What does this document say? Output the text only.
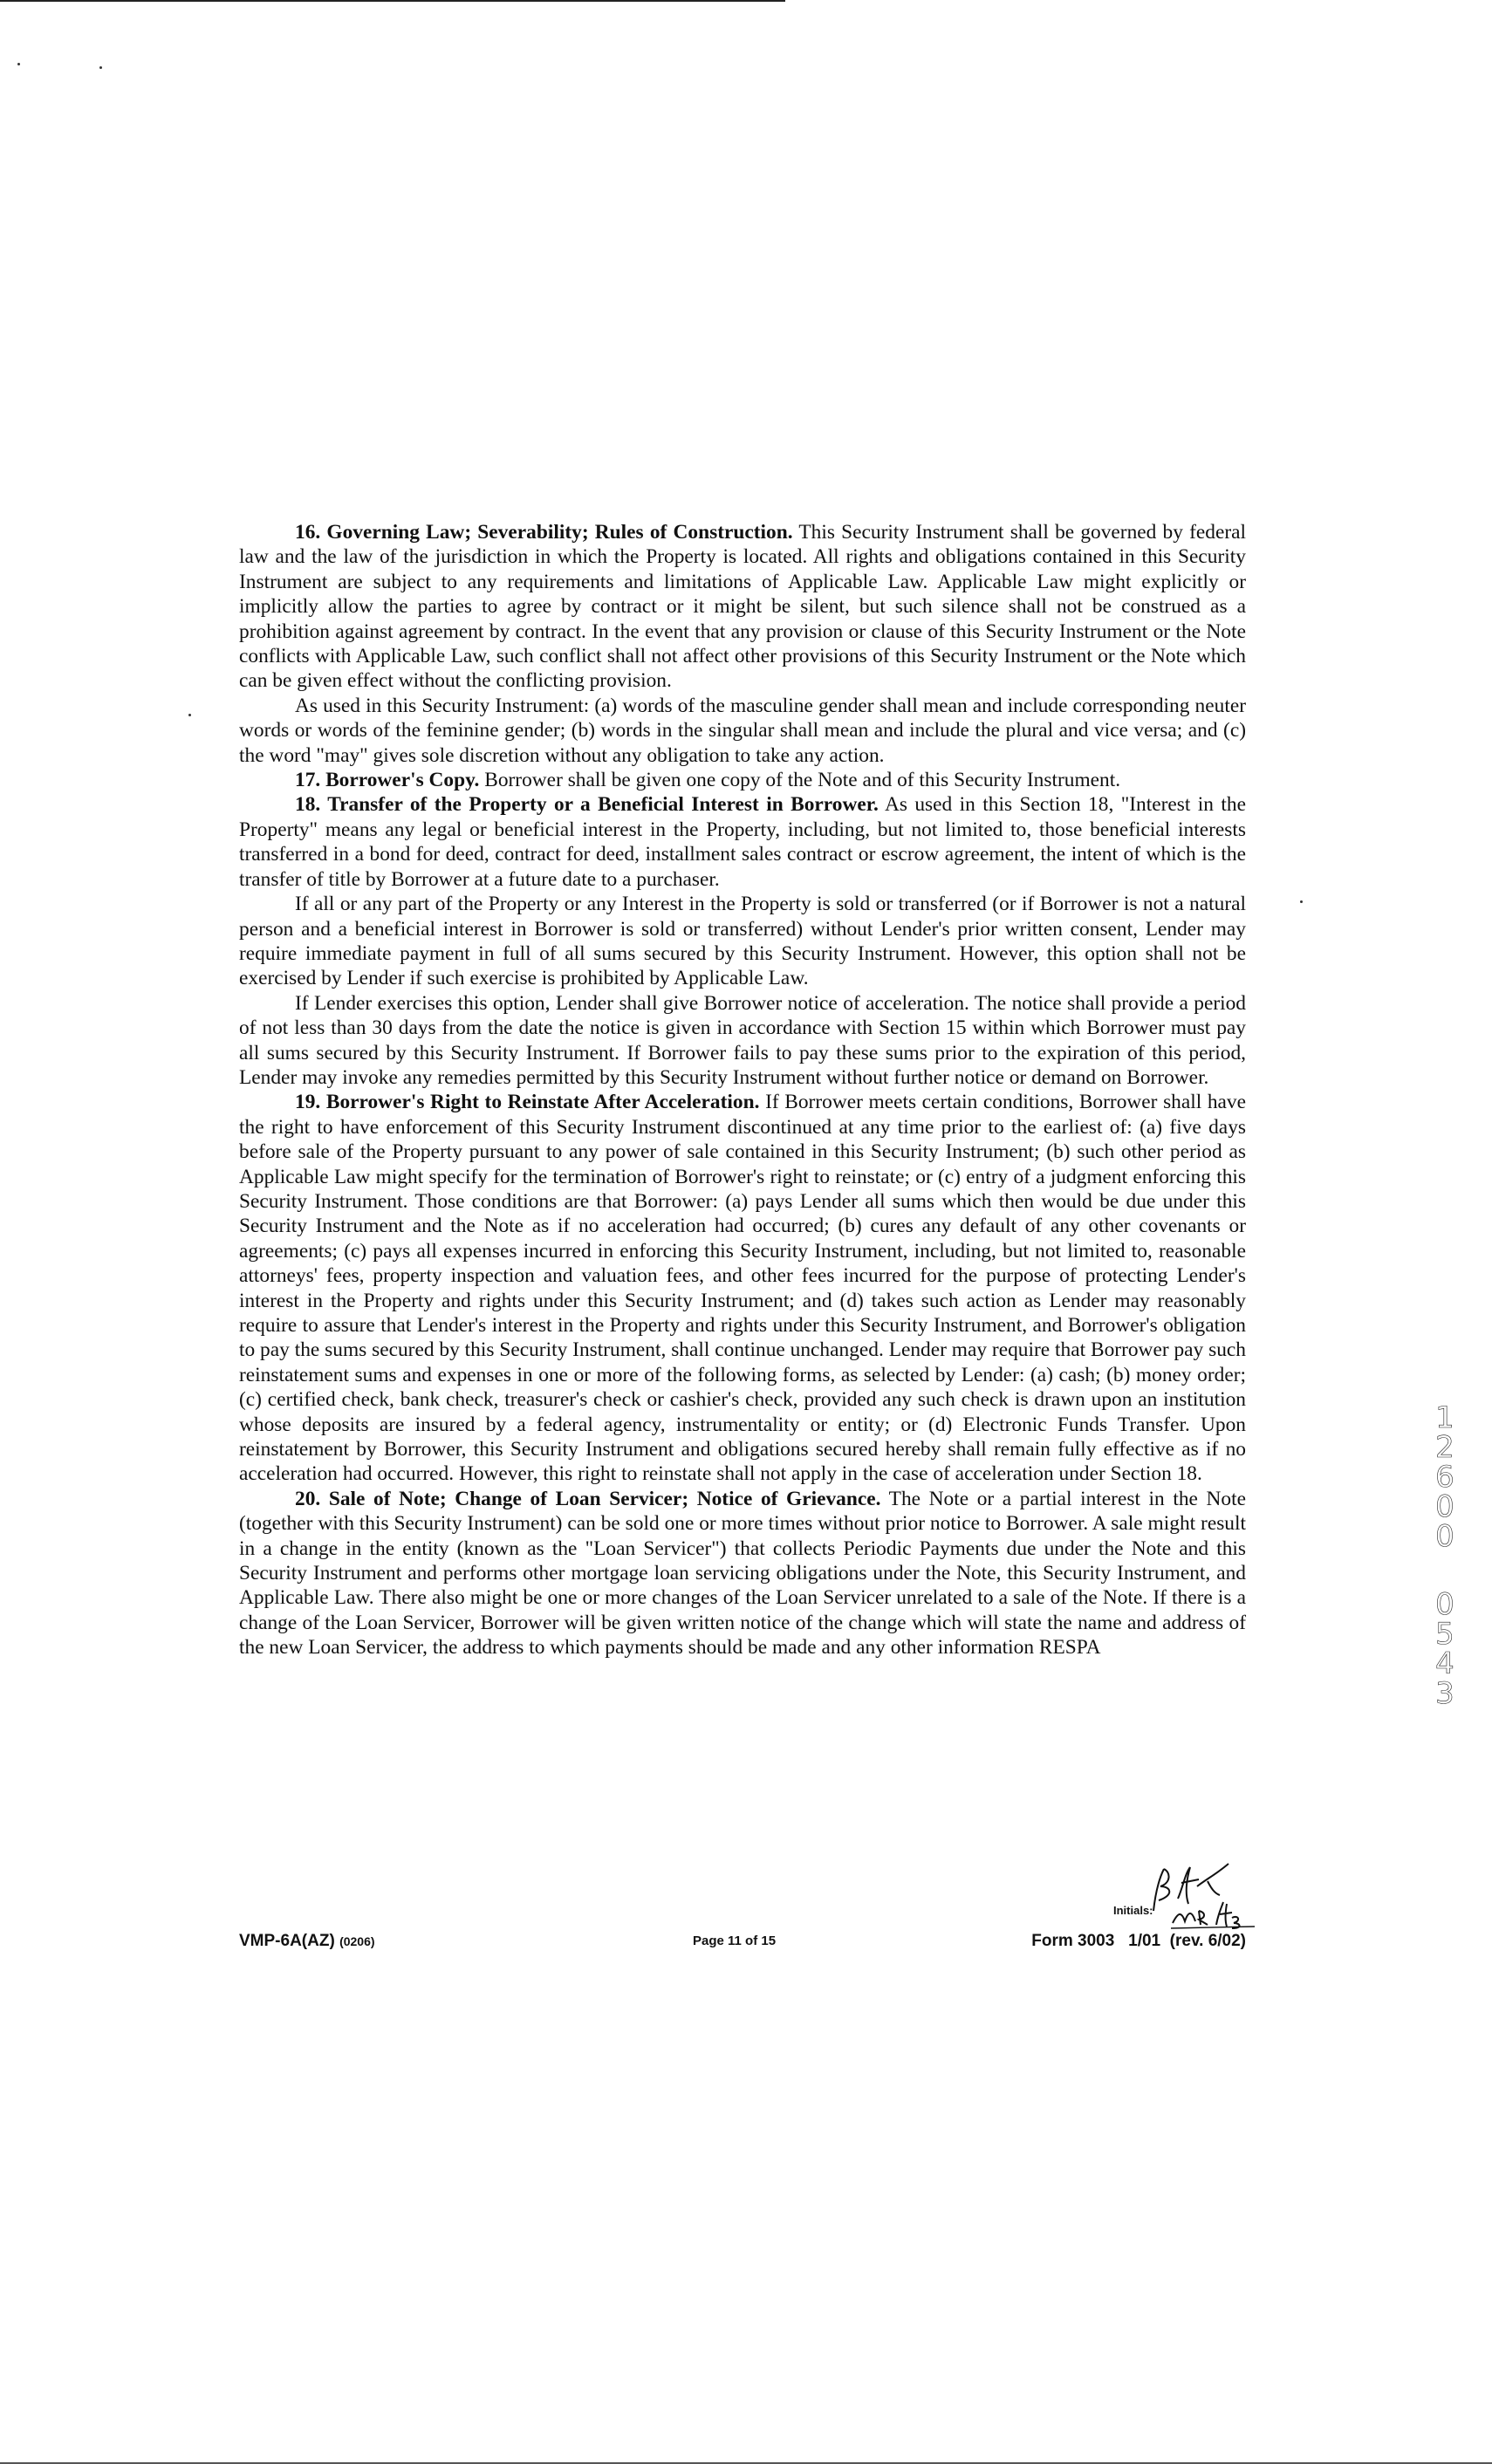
16. Governing Law; Severability; Rules of Construction. This Security Instrument shall be governed by federal law and the law of the jurisdiction in which the Property is located. All rights and obligations contained in this Security Instrument are subject to any requirements and limitations of Applicable Law. Applicable Law might explicitly or implicitly allow the parties to agree by contract or it might be silent, but such silence shall not be construed as a prohibition against agreement by contract. In the event that any provision or clause of this Security Instrument or the Note conflicts with Applicable Law, such conflict shall not affect other provisions of this Security Instrument or the Note which can be given effect without the conflicting provision.

As used in this Security Instrument: (a) words of the masculine gender shall mean and include corresponding neuter words or words of the feminine gender; (b) words in the singular shall mean and include the plural and vice versa; and (c) the word "may" gives sole discretion without any obligation to take any action.

17. Borrower's Copy. Borrower shall be given one copy of the Note and of this Security Instrument.

18. Transfer of the Property or a Beneficial Interest in Borrower. As used in this Section 18, "Interest in the Property" means any legal or beneficial interest in the Property, including, but not limited to, those beneficial interests transferred in a bond for deed, contract for deed, installment sales contract or escrow agreement, the intent of which is the transfer of title by Borrower at a future date to a purchaser.

If all or any part of the Property or any Interest in the Property is sold or transferred (or if Borrower is not a natural person and a beneficial interest in Borrower is sold or transferred) without Lender's prior written consent, Lender may require immediate payment in full of all sums secured by this Security Instrument. However, this option shall not be exercised by Lender if such exercise is prohibited by Applicable Law.

If Lender exercises this option, Lender shall give Borrower notice of acceleration. The notice shall provide a period of not less than 30 days from the date the notice is given in accordance with Section 15 within which Borrower must pay all sums secured by this Security Instrument. If Borrower fails to pay these sums prior to the expiration of this period, Lender may invoke any remedies permitted by this Security Instrument without further notice or demand on Borrower.

19. Borrower's Right to Reinstate After Acceleration. If Borrower meets certain conditions, Borrower shall have the right to have enforcement of this Security Instrument discontinued at any time prior to the earliest of: (a) five days before sale of the Property pursuant to any power of sale contained in this Security Instrument; (b) such other period as Applicable Law might specify for the termination of Borrower's right to reinstate; or (c) entry of a judgment enforcing this Security Instrument. Those conditions are that Borrower: (a) pays Lender all sums which then would be due under this Security Instrument and the Note as if no acceleration had occurred; (b) cures any default of any other covenants or agreements; (c) pays all expenses incurred in enforcing this Security Instrument, including, but not limited to, reasonable attorneys' fees, property inspection and valuation fees, and other fees incurred for the purpose of protecting Lender's interest in the Property and rights under this Security Instrument; and (d) takes such action as Lender may reasonably require to assure that Lender's interest in the Property and rights under this Security Instrument, and Borrower's obligation to pay the sums secured by this Security Instrument, shall continue unchanged. Lender may require that Borrower pay such reinstatement sums and expenses in one or more of the following forms, as selected by Lender: (a) cash; (b) money order; (c) certified check, bank check, treasurer's check or cashier's check, provided any such check is drawn upon an institution whose deposits are insured by a federal agency, instrumentality or entity; or (d) Electronic Funds Transfer. Upon reinstatement by Borrower, this Security Instrument and obligations secured hereby shall remain fully effective as if no acceleration had occurred. However, this right to reinstate shall not apply in the case of acceleration under Section 18.

20. Sale of Note; Change of Loan Servicer; Notice of Grievance. The Note or a partial interest in the Note (together with this Security Instrument) can be sold one or more times without prior notice to Borrower. A sale might result in a change in the entity (known as the "Loan Servicer") that collects Periodic Payments due under the Note and this Security Instrument and performs other mortgage loan servicing obligations under the Note, this Security Instrument, and Applicable Law. There also might be one or more changes of the Loan Servicer unrelated to a sale of the Note. If there is a change of the Loan Servicer, Borrower will be given written notice of the change which will state the name and address of the new Loan Servicer, the address to which payments should be made and any other information RESPA

1
2
6
0
0
0
5
4
3
Initials:
VMP-6A(AZ) (0206)	Page 11 of 15	Form 3003   1/01  (rev. 6/02)
